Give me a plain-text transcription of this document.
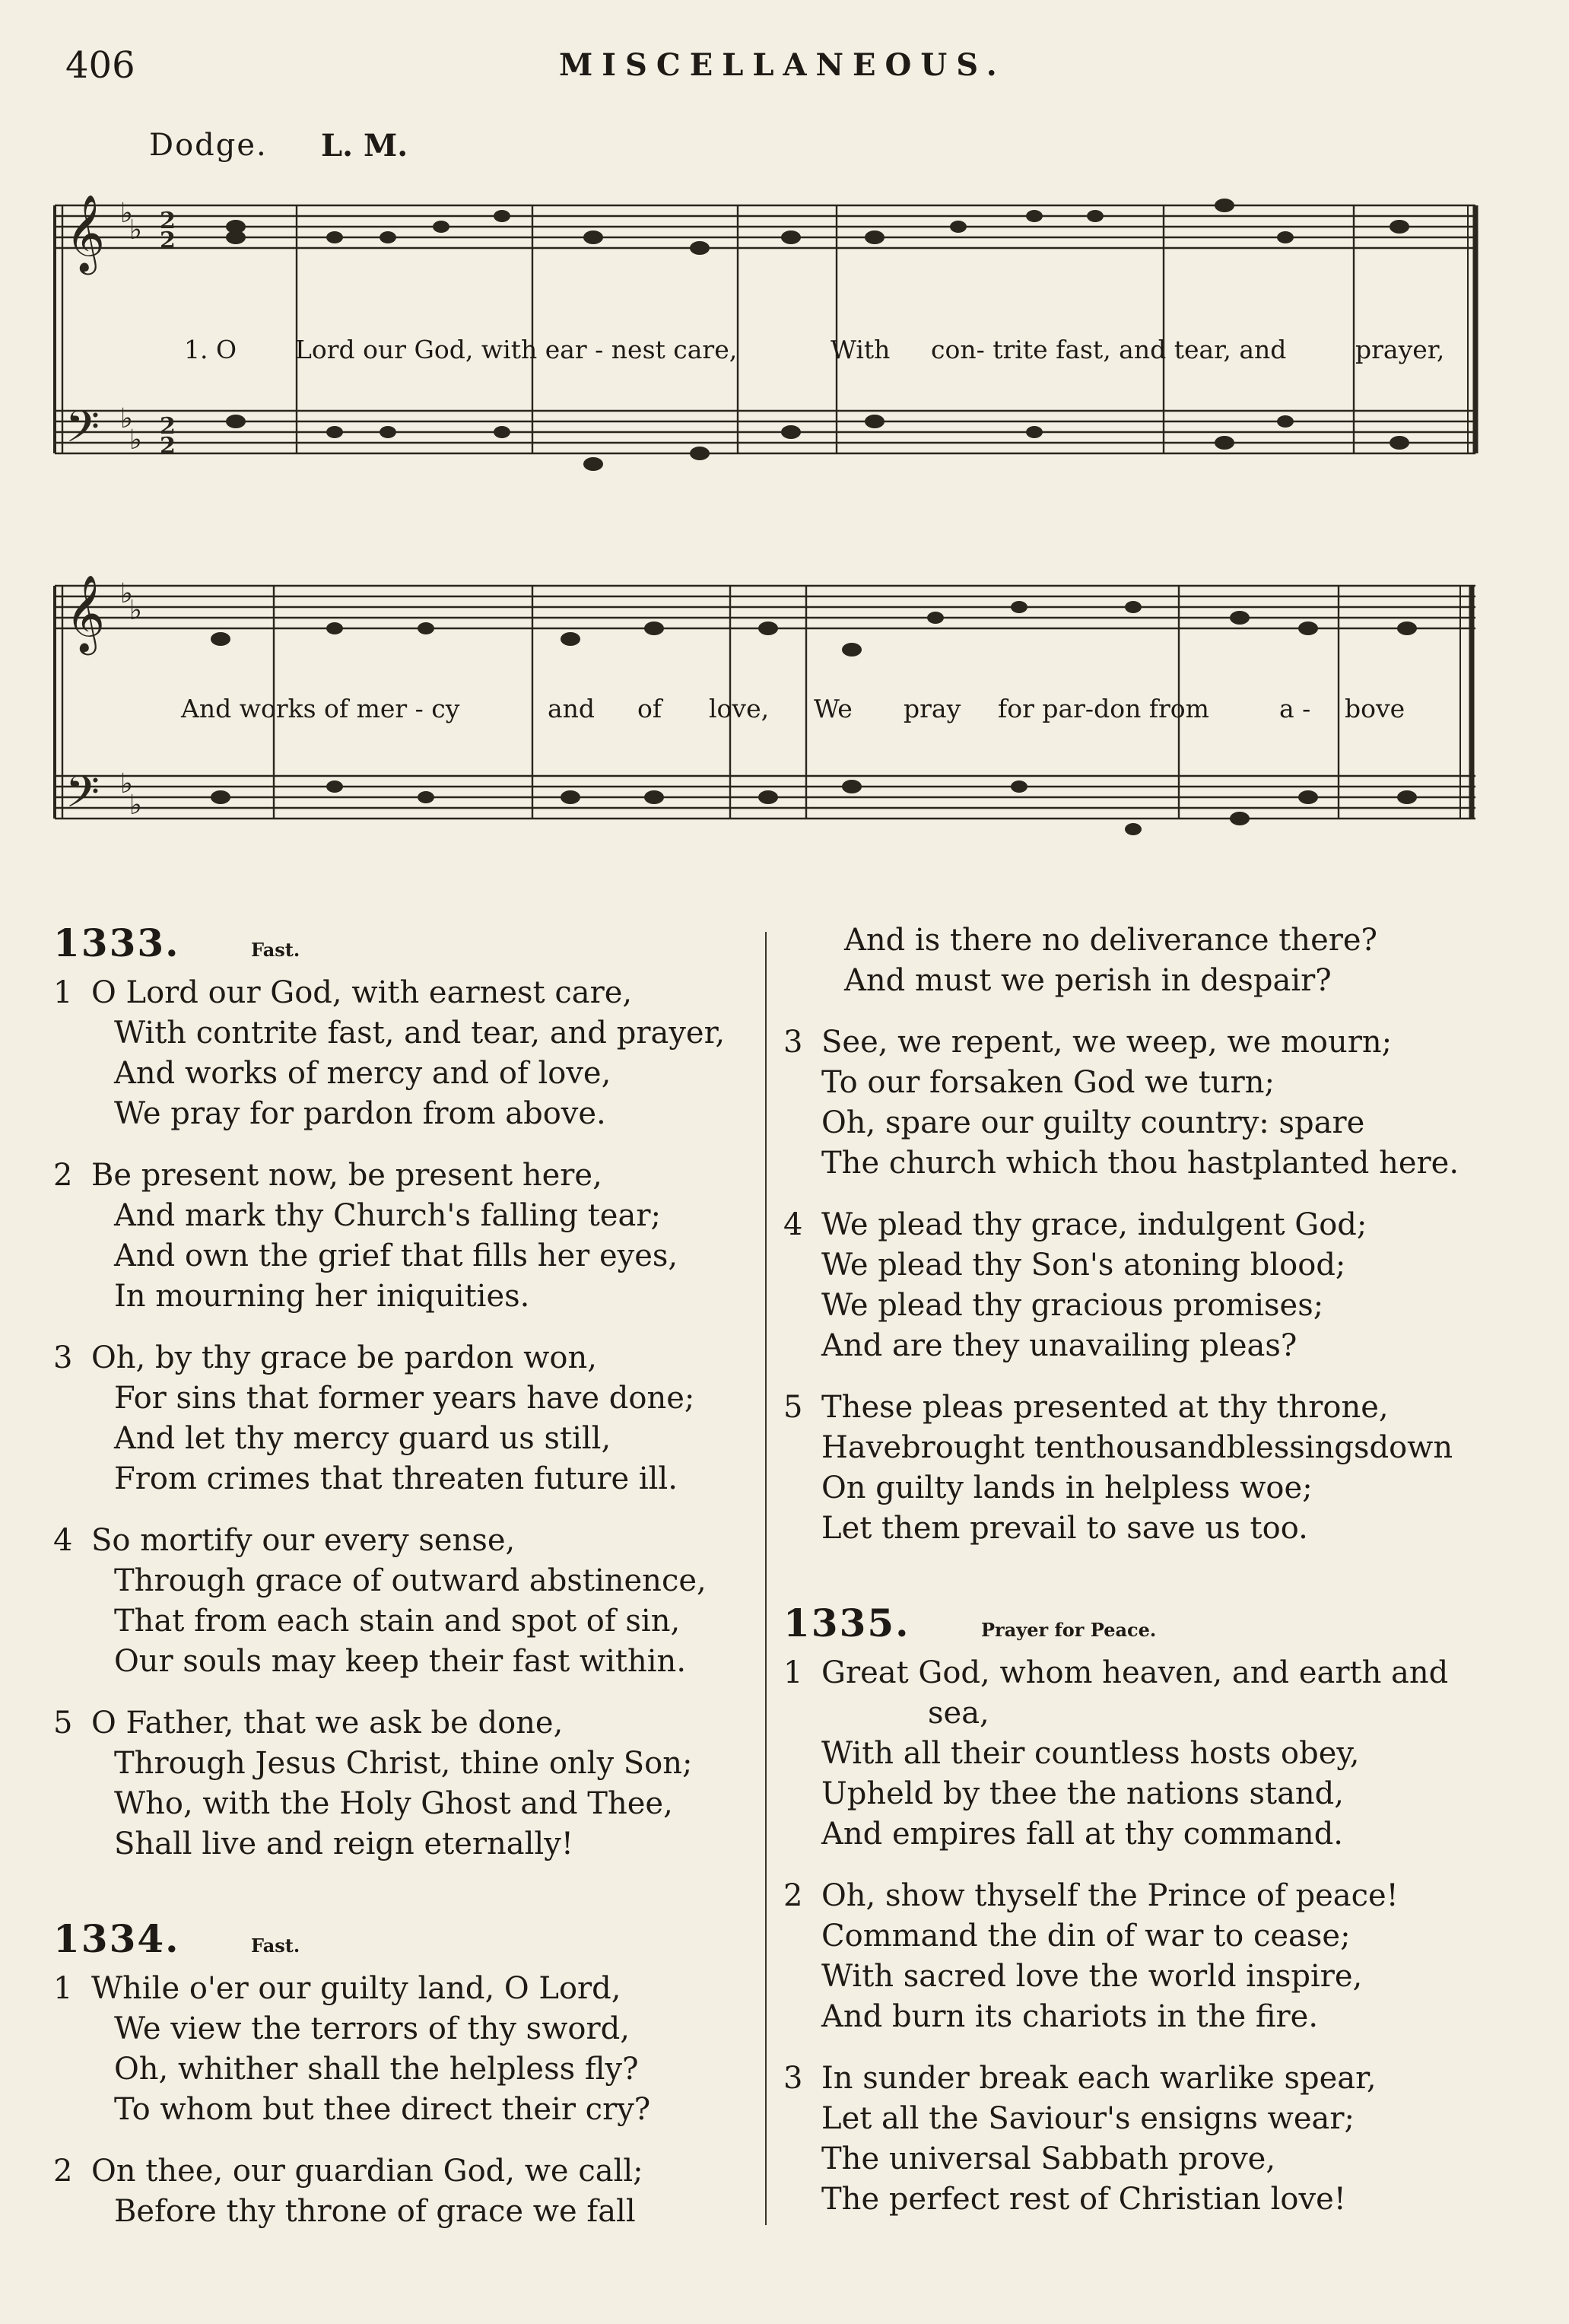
406	MISCELLANEOUS.
Dodge. L. M.
𝄞
𝄢
𝄞
𝄢
♭
♭
♭
♭
♭
♭
♭
♭
2
2
2
2
1. O Lord our God, with ear - nest care,	With con- trite fast, and tear, and	prayer,
And works of mer - cy	and of love, We pray for par-don from	a - bove
1333.	Fast.
1 O Lord our God, with earnest care,
With contrite fast, and tear, and prayer,
And works of mercy and of love,
We pray for pardon from above.
2 Be present now, be present here,
And mark thy Church's falling tear;
And own the grief that fills her eyes,
In mourning her iniquities.
3 Oh, by thy grace be pardon won,
For sins that former years have done;
And let thy mercy guard us still,
From crimes that threaten future ill.
4 So mortify our every sense,
Through grace of outward abstinence,
That from each stain and spot of sin,
Our souls may keep their fast within.
5 O Father, that we ask be done,
Through Jesus Christ, thine only Son;
Who, with the Holy Ghost and Thee,
Shall live and reign eternally!
1334.	Fast.
1 While o'er our guilty land, O Lord,
We view the terrors of thy sword,
Oh, whither shall the helpless fly?
To whom but thee direct their cry?
2 On thee, our guardian God, we call;
Before thy throne of grace we fall
And is there no deliverance there?
And must we perish in despair?
3 See, we repent, we weep, we mourn;
To our forsaken God we turn;
Oh, spare our guilty country: spare
The church which thou hastplanted here.
4 We plead thy grace, indulgent God;
We plead thy Son's atoning blood;
We plead thy gracious promises;
And are they unavailing pleas?
5 These pleas presented at thy throne,
Havebrought tenthousandblessingsdown
On guilty lands in helpless woe;
Let them prevail to save us too.
1335.	Prayer for Peace.
1 Great God, whom heaven, and earth and
sea,
With all their countless hosts obey,
Upheld by thee the nations stand,
And empires fall at thy command.
2 Oh, show thyself the Prince of peace!
Command the din of war to cease;
With sacred love the world inspire,
And burn its chariots in the fire.
3 In sunder break each warlike spear,
Let all the Saviour's ensigns wear;
The universal Sabbath prove,
The perfect rest of Christian love!
